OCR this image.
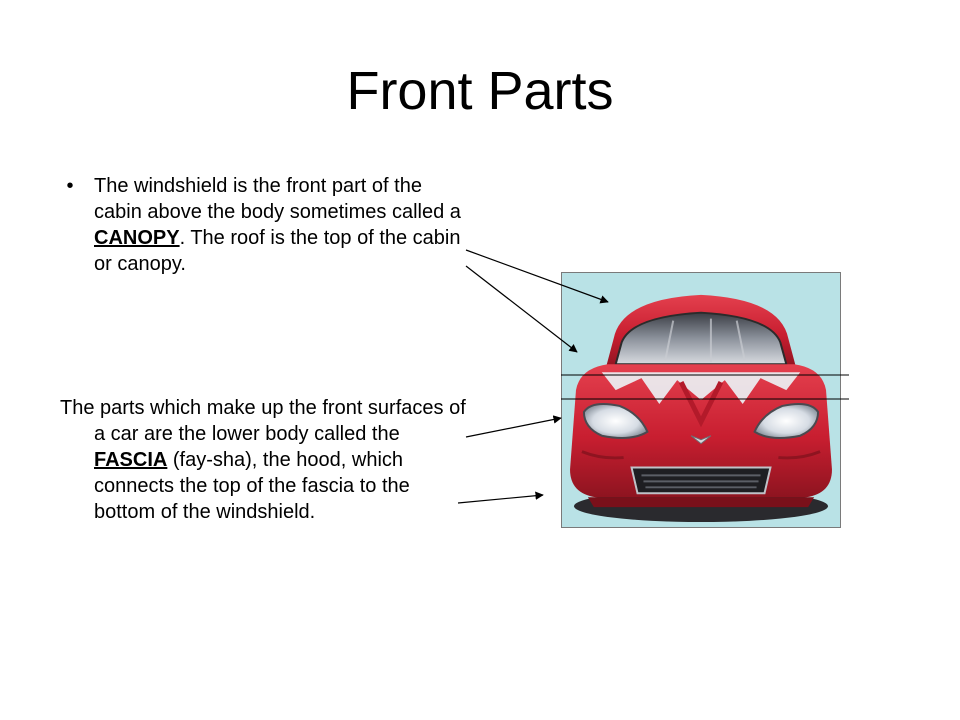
Front Parts
•	The windshield is the front part of the cabin above the body sometimes called a CANOPY. The roof is the top of the cabin or canopy.
The parts which make up the front surfaces of a car are the lower body called the FASCIA (fay-sha), the hood, which connects the top of the fascia to the bottom of the windshield.
